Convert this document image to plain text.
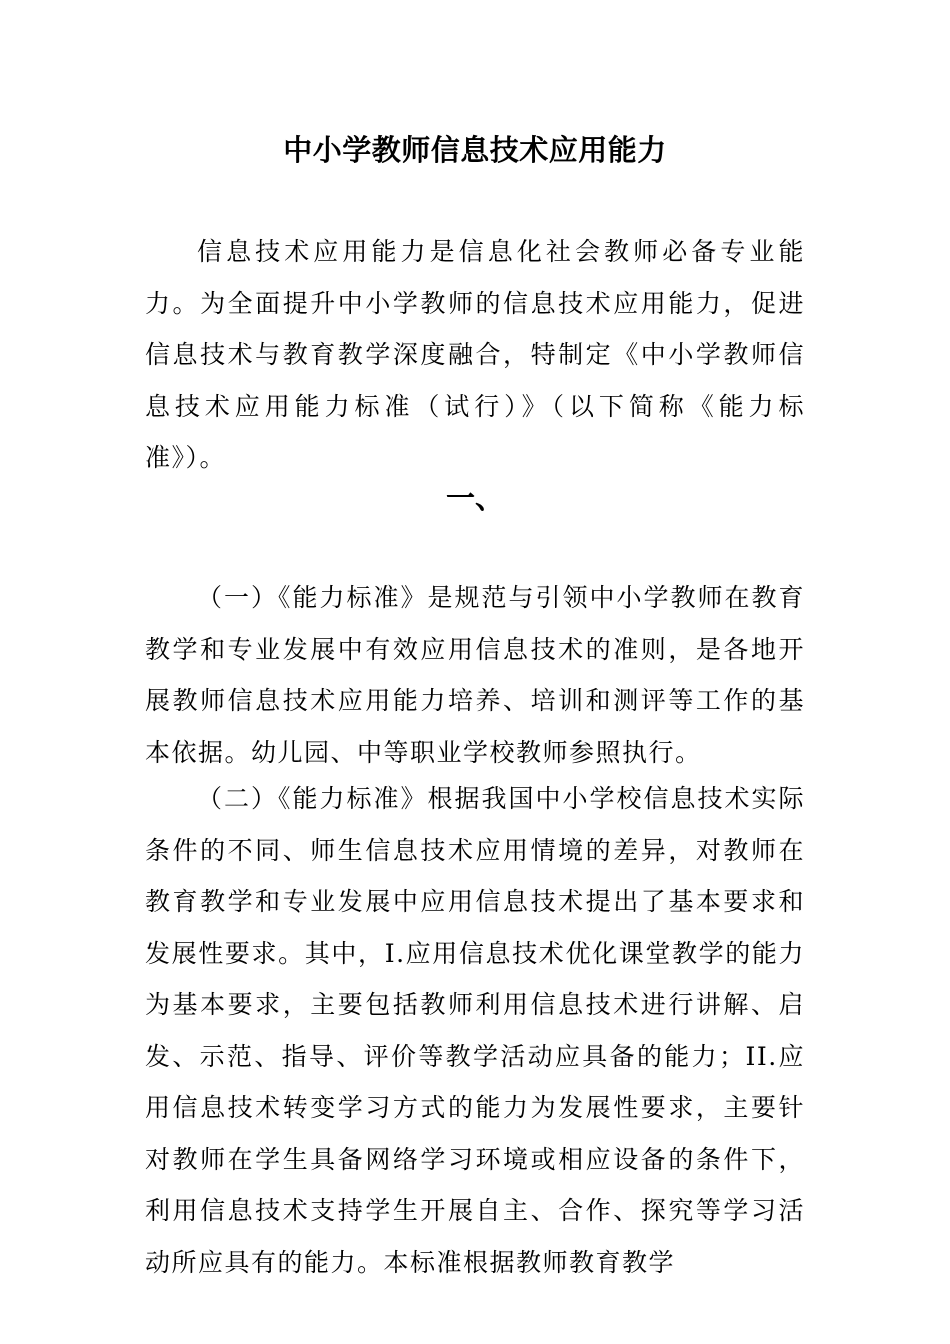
中小学教师信息技术应用能力

信息技术应用能力是信息化社会教师必备专业能力。为全面提升中小学教师的信息技术应用能力，促进信息技术与教育教学深度融合，特制定《中小学教师信息技术应用能力标准（试行）》（以下简称《能力标准》）。

一、

（一）《能力标准》是规范与引领中小学教师在教育教学和专业发展中有效应用信息技术的准则，是各地开展教师信息技术应用能力培养、培训和测评等工作的基本依据。幼儿园、中等职业学校教师参照执行。

（二）《能力标准》根据我国中小学校信息技术实际条件的不同、师生信息技术应用情境的差异，对教师在教育教学和专业发展中应用信息技术提出了基本要求和发展性要求。其中，I.应用信息技术优化课堂教学的能力为基本要求，主要包括教师利用信息技术进行讲解、启发、示范、指导、评价等教学活动应具备的能力；II.应用信息技术转变学习方式的能力为发展性要求，主要针对教师在学生具备网络学习环境或相应设备的条件下，利用信息技术支持学生开展自主、合作、探究等学习活动所应具有的能力。本标准根据教师教育教学
